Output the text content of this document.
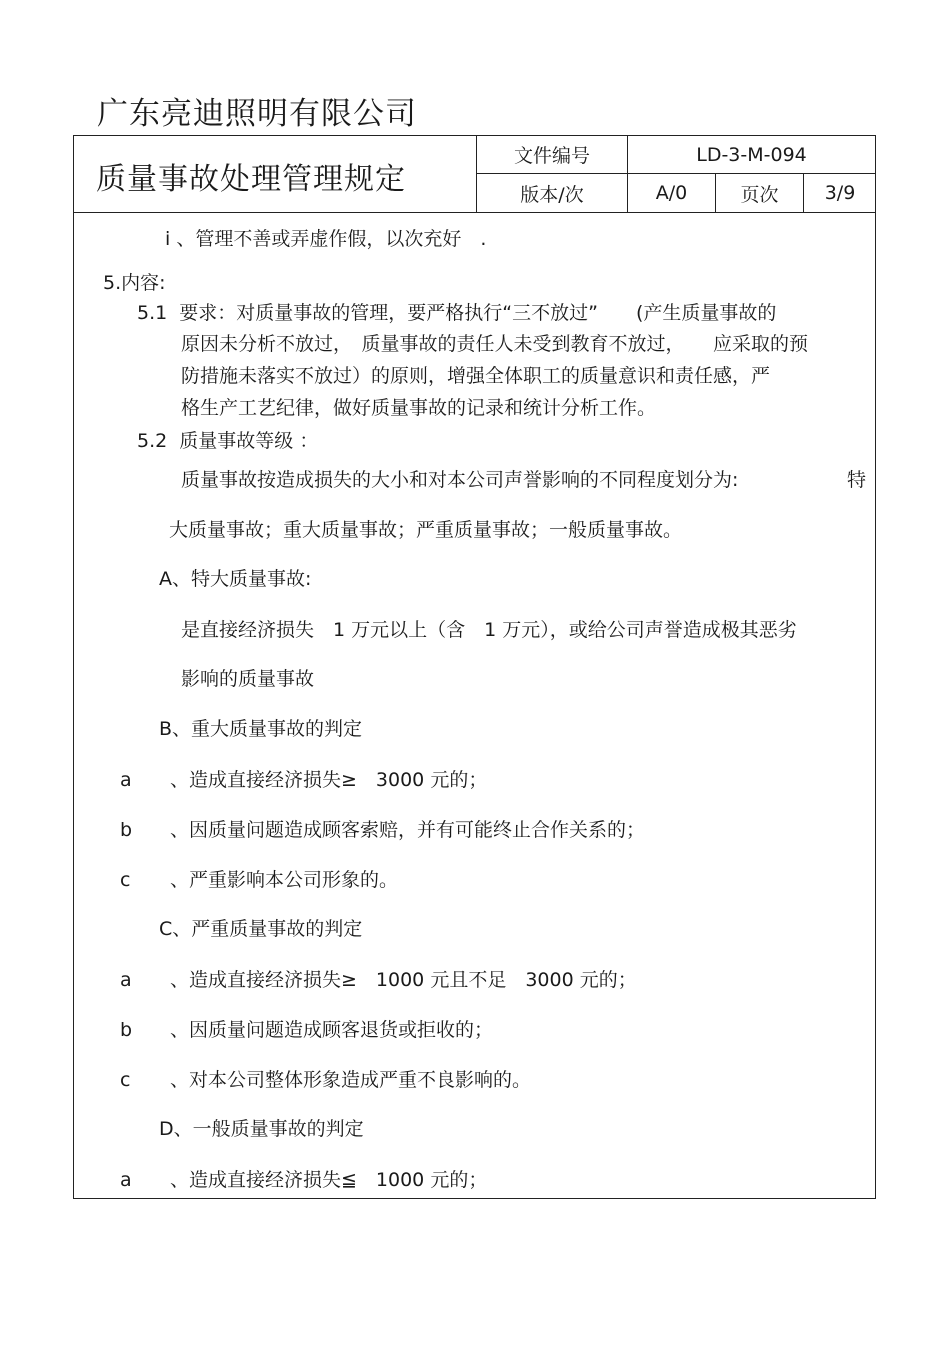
广东亮迪照明有限公司
质量事故处理管理规定
文件编号	LD-3-M-094
版本/次	A/0	页次	3/9
i 、管理不善或弄虚作假，以次充好　.
5.内容:
5.1  要求：对质量事故的管理，要严格执行“三不放过”　　(产生质量事故的
原因未分析不放过，　质量事故的责任人未受到教育不放过，　　应采取的预
防措施未落实不放过）的原则，增强全体职工的质量意识和责任感，严
格生产工艺纪律，做好质量事故的记录和统计分析工作。
5.2  质量事故等级 ：
质量事故按造成损失的大小和对本公司声誉影响的不同程度划分为:	特
大质量事故；重大质量事故；严重质量事故；一般质量事故。
A、特大质量事故:
是直接经济损失　1 万元以上（含　1 万元），或给公司声誉造成极其恶劣
影响的质量事故
B、重大质量事故的判定
a 、造成直接经济损失≥　3000 元的；
b 、因质量问题造成顾客索赔，并有可能终止合作关系的；
c 、严重影响本公司形象的。
C、严重质量事故的判定
a 、造成直接经济损失≥　1000 元且不足　3000 元的；
b 、因质量问题造成顾客退货或拒收的；
c 、对本公司整体形象造成严重不良影响的。
D、一般质量事故的判定
a 、造成直接经济损失≦　1000 元的；
